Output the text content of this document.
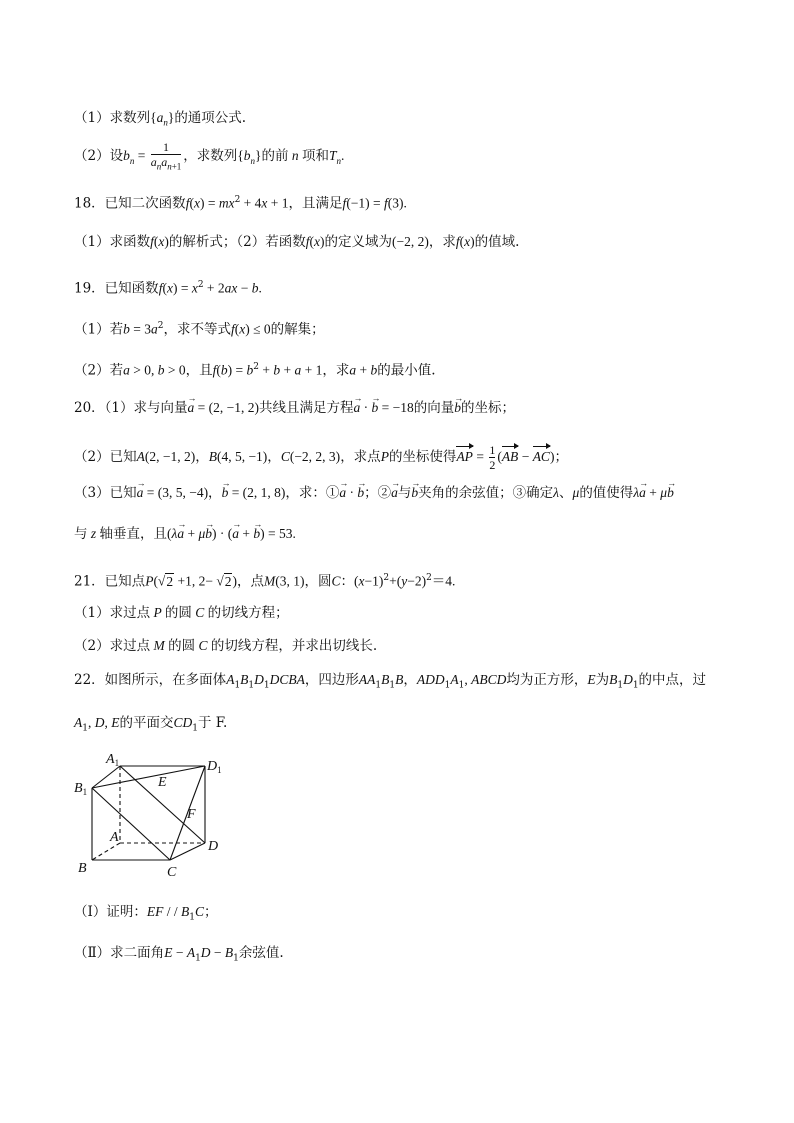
（1）求数列$\{a_n\}$的通项公式.
（2）设$b_n = \frac{1}{a_na_{n+1}}$ ，求数列$\{b_n\}$的前 n 项和$T_n$.
18．已知二次函数$f(x) = mx^2 + 4x + 1$，且满足f(−1) = f(3).
（1）求函数f(x)的解析式；（2）若函数f(x)的定义域为(−2, 2)，求f(x)的值域.
19．已知函数$f(x) = x^2 + 2ax - b$.
（1）若$b = 3a^2$，求不等式f(x) ≤ 0的解集；
（2）若a > 0, b > 0，且$f(b) = b^2 + b + a + 1$，求a + b的最小值.
20．（1）求与向量→ a = (2, −1, 2)共线且满足方程→ a · → b = −18的向量→ b的坐标；
（2）已知A(2, −1, 2)，B(4, 5, −1)，C(−2, 2, 3)，求点P的坐标使得AP = $\frac{1}{2} (AB - AC)$；
（3）已知→ a = (3, 5, −4)，→ b = (2, 1, 8)，求：①→ a · → b；②→ a与→ b夹角的余弦值；③确定λ、μ的值使得λ→ a + μ→ b
与 z 轴垂直，且(λ→ a + μ→ b) · (→ a + → b) = 53.
21．已知点P(√2 +1, 2− √2)，点M(3, 1)，圆C：$(x-1)^2+(y-2)^2=4$.
（1）求过点 P 的圆 C 的切线方程；
（2）求过点 M 的圆 C 的切线方程，并求出切线长.
22．如图所示，在多面体$A_1B_1D_1DCBA$，四边形$AA_1B_1B$，$ADD_1A_1$, ABCD均为正方形，E为$B_1D_1$的中点，过
$A_1$, D, E的平面交$CD_1$于 F.
$A_1$	$D_1$
$B_1$
E
F
A
D
B	C
（Ⅰ）证明：EF / / $B_1C$；
（Ⅱ）求二面角$E - A_1D - B_1$余弦值.
